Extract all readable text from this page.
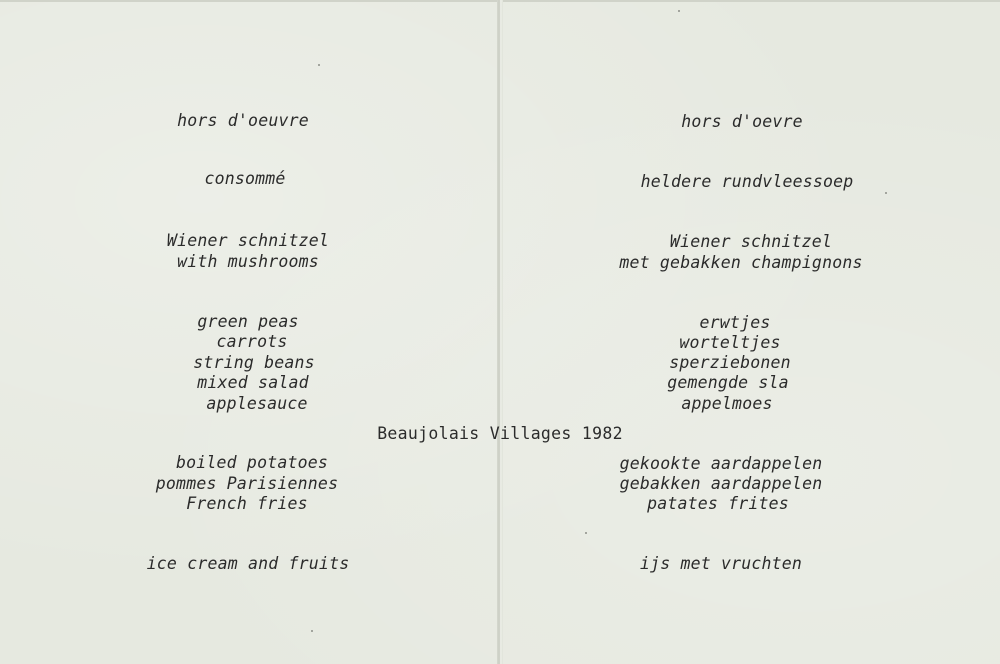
hors d'oeuvre
consommé
Wiener schnitzel
with mushrooms
green peas
carrots
string beans
mixed salad
applesauce
boiled potatoes
pommes Parisiennes
French fries
ice cream and fruits
hors d'oevre
heldere rundvleessoep
Wiener schnitzel
met gebakken champignons
erwtjes
worteltjes
sperziebonen
gemengde sla
appelmoes
gekookte aardappelen
gebakken aardappelen
patates frites
ijs met vruchten
Beaujolais Villages 1982
